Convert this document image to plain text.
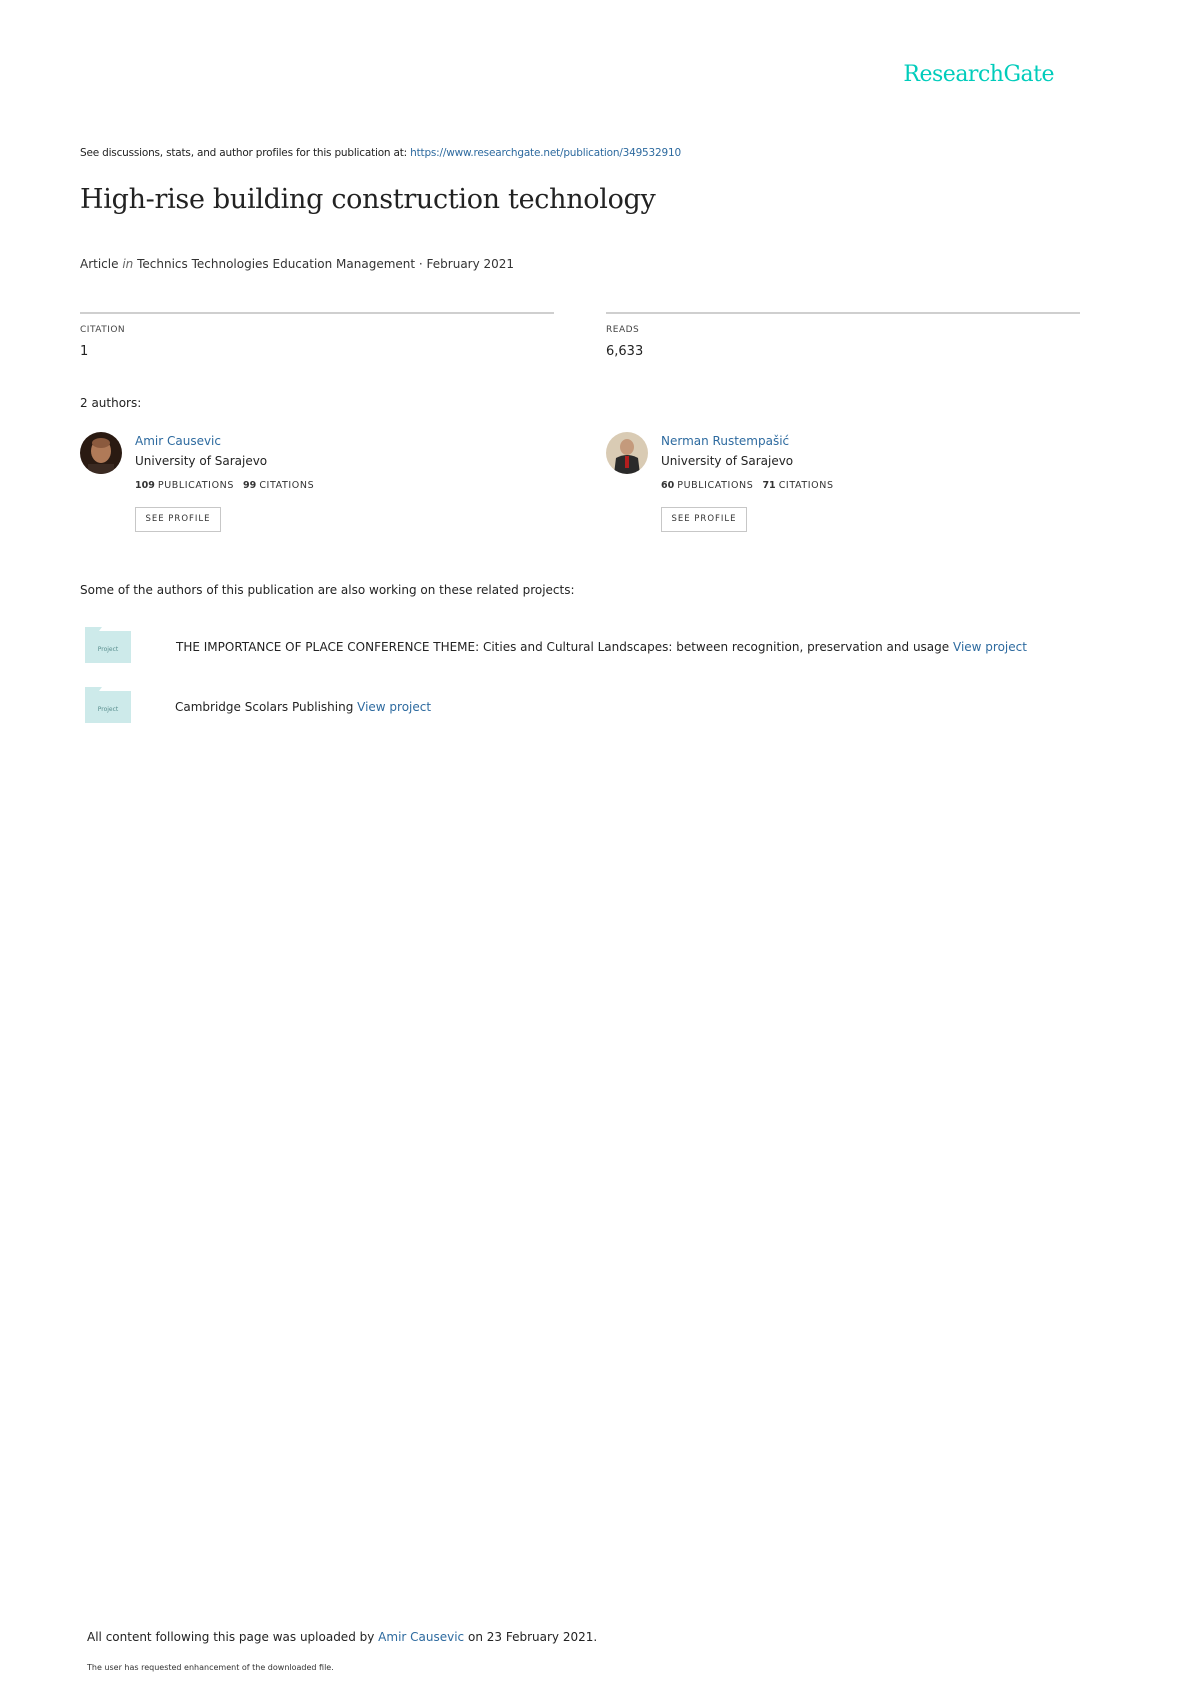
ResearchGate
See discussions, stats, and author profiles for this publication at: https://www.researchgate.net/publication/349532910
High-rise building construction technology
Article in Technics Technologies Education Management · February 2021
CITATION
1
READS
6,633
2 authors:
Amir Causevic
University of Sarajevo
109 PUBLICATIONS 99 CITATIONS
SEE PROFILE
Nerman Rustempašić
University of Sarajevo
60 PUBLICATIONS 71 CITATIONS
SEE PROFILE
Some of the authors of this publication are also working on these related projects:
Project	THE IMPORTANCE OF PLACE CONFERENCE THEME: Cities and Cultural Landscapes: between recognition, preservation and usage View project
Project	Cambridge Scolars Publishing View project
All content following this page was uploaded by Amir Causevic on 23 February 2021.
The user has requested enhancement of the downloaded file.
